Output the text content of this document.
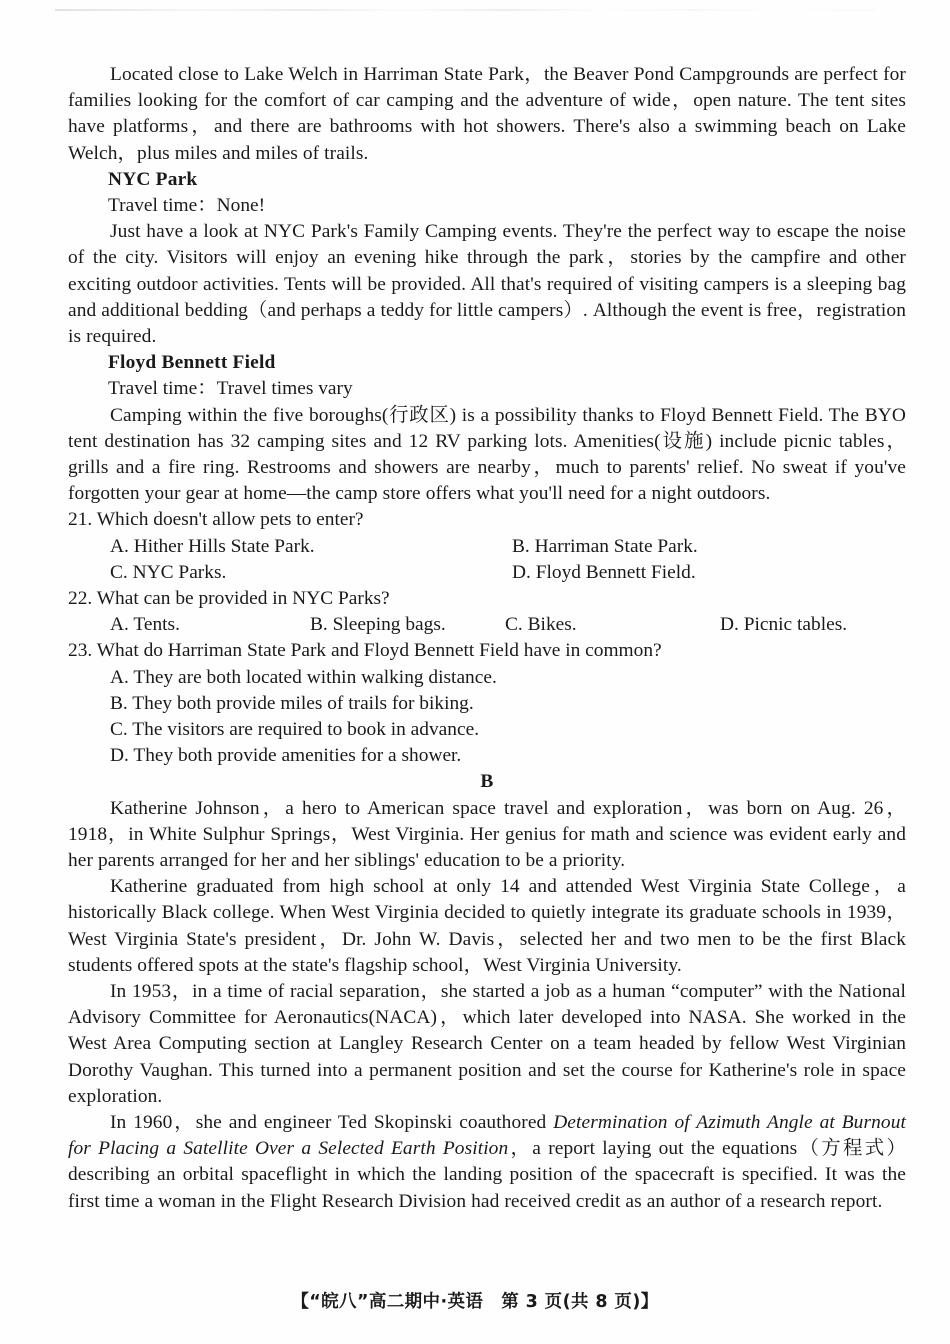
Located close to Lake Welch in Harriman State Park，the Beaver Pond Campgrounds are perfect for families looking for the comfort of car camping and the adventure of wide，open nature. The tent sites have platforms，and there are bathrooms with hot showers. There's also a swimming beach on Lake Welch，plus miles and miles of trails.

NYC Park
Travel time：None!

Just have a look at NYC Park's Family Camping events. They're the perfect way to escape the noise of the city. Visitors will enjoy an evening hike through the park，stories by the campfire and other exciting outdoor activities. Tents will be provided. All that's required of visiting campers is a sleeping bag and additional bedding（and perhaps a teddy for little campers）. Although the event is free，registration is required.

Floyd Bennett Field
Travel time：Travel times vary

Camping within the five boroughs(行政区) is a possibility thanks to Floyd Bennett Field. The BYO tent destination has 32 camping sites and 12 RV parking lots. Amenities(设施) include picnic tables，grills and a fire ring. Restrooms and showers are nearby，much to parents' relief. No sweat if you've forgotten your gear at home—the camp store offers what you'll need for a night outdoors.

21. Which doesn't allow pets to enter?
A. Hither Hills State Park.	B. Harriman State Park.
C. NYC Parks.	D. Floyd Bennett Field.
22. What can be provided in NYC Parks?
A. Tents.	B. Sleeping bags.	C. Bikes.	D. Picnic tables.
23. What do Harriman State Park and Floyd Bennett Field have in common?
A. They are both located within walking distance.
B. They both provide miles of trails for biking.
C. The visitors are required to book in advance.
D. They both provide amenities for a shower.
B

Katherine Johnson，a hero to American space travel and exploration，was born on Aug. 26，1918，in White Sulphur Springs，West Virginia. Her genius for math and science was evident early and her parents arranged for her and her siblings' education to be a priority.

Katherine graduated from high school at only 14 and attended West Virginia State College，a historically Black college. When West Virginia decided to quietly integrate its graduate schools in 1939，West Virginia State's president，Dr. John W. Davis，selected her and two men to be the first Black students offered spots at the state's flagship school，West Virginia University.

In 1953，in a time of racial separation，she started a job as a human “computer” with the National Advisory Committee for Aeronautics(NACA)，which later developed into NASA. She worked in the West Area Computing section at Langley Research Center on a team headed by fellow West Virginian Dorothy Vaughan. This turned into a permanent position and set the course for Katherine's role in space exploration.

In 1960，she and engineer Ted Skopinski coauthored Determination of Azimuth Angle at Burnout for Placing a Satellite Over a Selected Earth Position，a report laying out the equations（方程式）describing an orbital spaceflight in which the landing position of the spacecraft is specified. It was the first time a woman in the Flight Research Division had received credit as an author of a research report.

【“皖八”高二期中·英语　第 3 页(共 8 页)】
